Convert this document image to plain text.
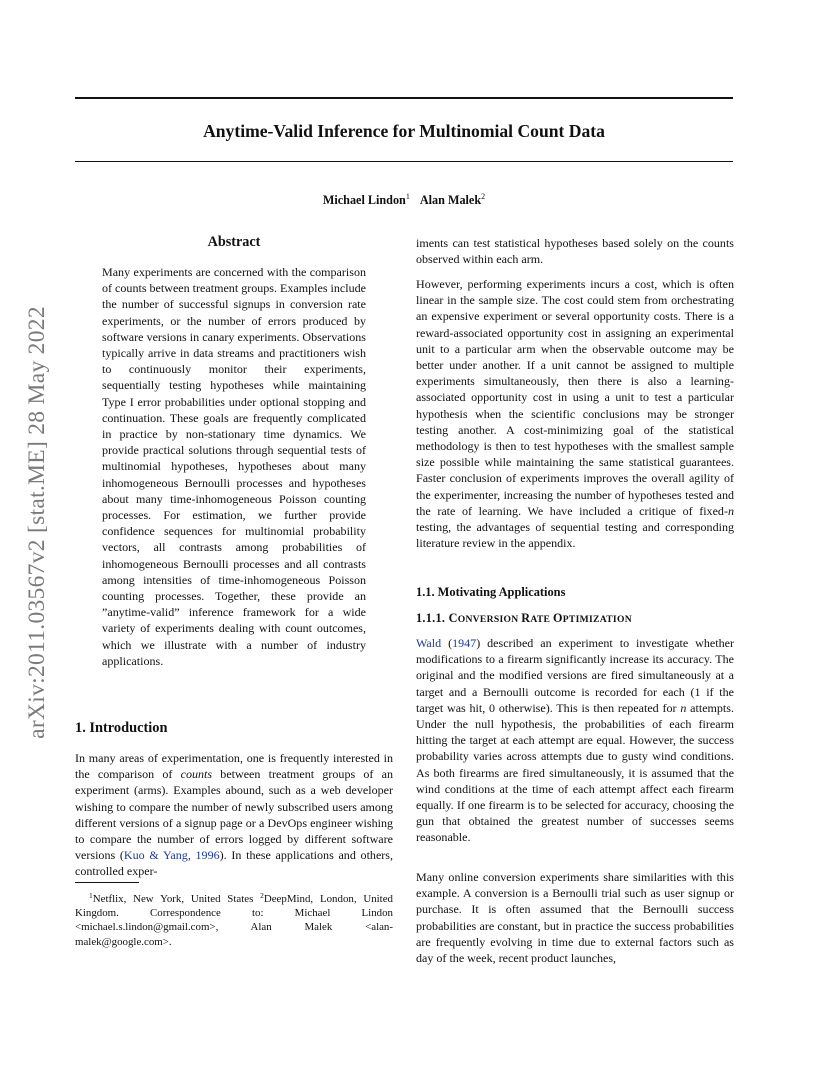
arXiv:2011.03567v2 [stat.ME] 28 May 2022
Anytime-Valid Inference for Multinomial Count Data
Michael Lindon$^1$ Alan Malek$^2$
Abstract

Many experiments are concerned with the comparison of counts between treatment groups. Examples include the number of successful signups in conversion rate experiments, or the number of errors produced by software versions in canary experiments. Observations typically arrive in data streams and practitioners wish to continuously monitor their experiments, sequentially testing hypotheses while maintaining Type I error probabilities under optional stopping and continuation. These goals are frequently complicated in practice by non-stationary time dynamics. We provide practical solutions through sequential tests of multinomial hypotheses, hypotheses about many inhomogeneous Bernoulli processes and hypotheses about many time-inhomogeneous Poisson counting processes. For estimation, we further provide confidence sequences for multinomial probability vectors, all contrasts among probabilities of inhomogeneous Bernoulli processes and all contrasts among intensities of time-inhomogeneous Poisson counting processes. Together, these provide an ”anytime-valid” inference framework for a wide variety of experiments dealing with count outcomes, which we illustrate with a number of industry applications.

1. Introduction

In many areas of experimentation, one is frequently interested in the comparison of counts between treatment groups of an experiment (arms). Examples abound, such as a web developer wishing to compare the number of newly subscribed users among different versions of a signup page or a DevOps engineer wishing to compare the number of errors logged by different software versions (Kuo & Yang, 1996). In these applications and others, controlled exper-

$^1$Netflix, New York, United States $^2$DeepMind, London, United Kingdom. Correspondence to: Michael Lindon <michael.s.lindon@gmail.com>, Alan Malek <alan-malek@google.com>.

iments can test statistical hypotheses based solely on the counts observed within each arm.

However, performing experiments incurs a cost, which is often linear in the sample size. The cost could stem from orchestrating an expensive experiment or several opportunity costs. There is a reward-associated opportunity cost in assigning an experimental unit to a particular arm when the observable outcome may be better under another. If a unit cannot be assigned to multiple experiments simultaneously, then there is also a learning-associated opportunity cost in using a unit to test a particular hypothesis when the scientific conclusions may be stronger testing another. A cost-minimizing goal of the statistical methodology is then to test hypotheses with the smallest sample size possible while maintaining the same statistical guarantees. Faster conclusion of experiments improves the overall agility of the experimenter, increasing the number of hypotheses tested and the rate of learning. We have included a critique of fixed-n testing, the advantages of sequential testing and corresponding literature review in the appendix.

1.1. Motivating Applications
1.1.1. CONVERSION RATE OPTIMIZATION

Wald (1947) described an experiment to investigate whether modifications to a firearm significantly increase its accuracy. The original and the modified versions are fired simultaneously at a target and a Bernoulli outcome is recorded for each (1 if the target was hit, 0 otherwise). This is then repeated for n attempts. Under the null hypothesis, the probabilities of each firearm hitting the target at each attempt are equal. However, the success probability varies across attempts due to gusty wind conditions. As both firearms are fired simultaneously, it is assumed that the wind conditions at the time of each attempt affect each firearm equally. If one firearm is to be selected for accuracy, choosing the gun that obtained the greatest number of successes seems reasonable.

Many online conversion experiments share similarities with this example. A conversion is a Bernoulli trial such as user signup or purchase. It is often assumed that the Bernoulli success probabilities are constant, but in practice the success probabilities are frequently evolving in time due to external factors such as day of the week, recent product launches,
